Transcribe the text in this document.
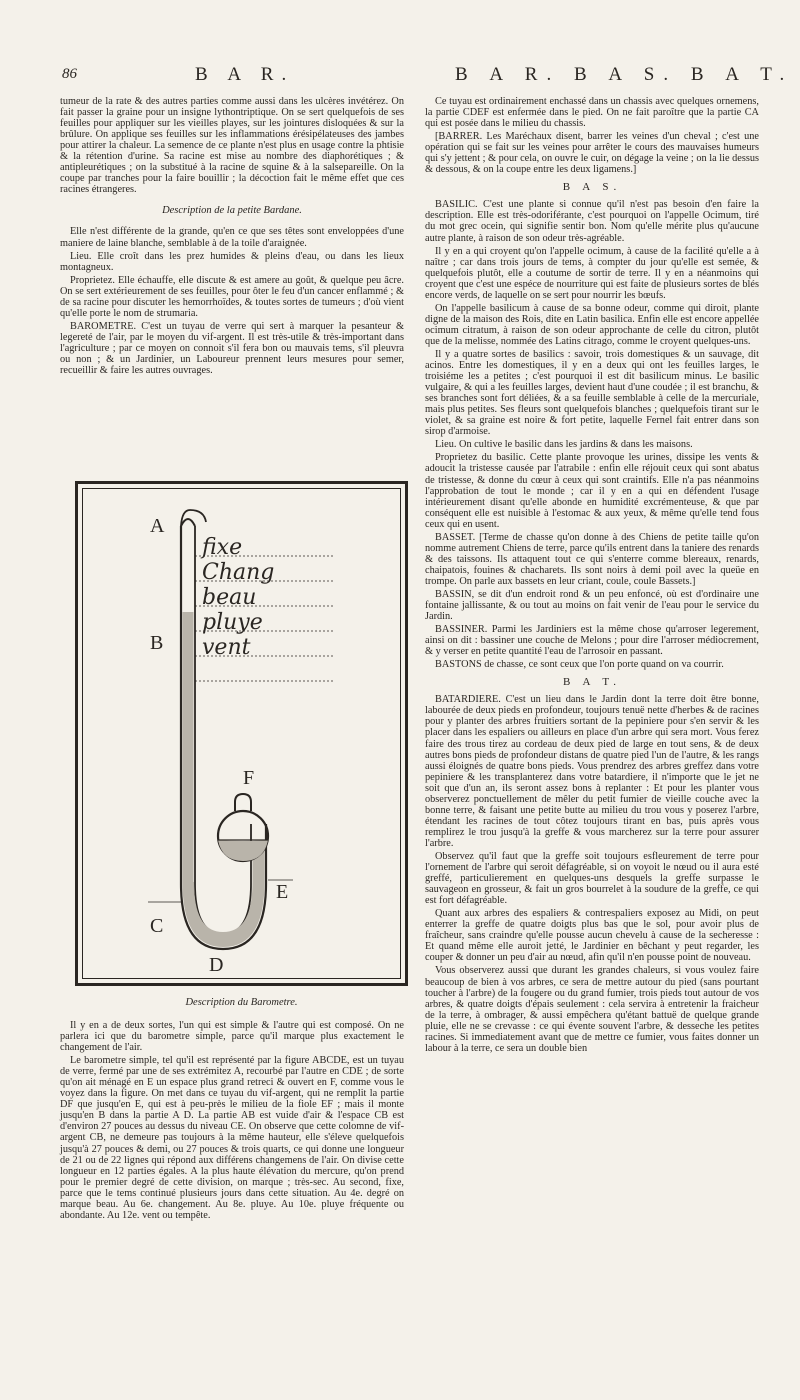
86	B A R.	B A R. B A S. B A T.

tumeur de la rate & des autres parties comme aussi dans les ulcères invétérez. On fait passer la graine pour un insigne lythontriptique. On se sert quelquefois de ses feuilles pour appliquer sur les vieilles playes, sur les jointures disloquées & sur la brûlure. On applique ses feuilles sur les inflammations érésipélateuses des jambes pour attirer la chaleur. La semence de ce plante n'est plus en usage contre la phtisie & la rétention d'urine. Sa racine est mise au nombre des diaphorétiques ; & antipleurétiques ; on la substitué à la racine de squine & à la salsepareille. On la coupe par tranches pour la faire bouillir ; la décoction fait le même effet que ces racines étrangeres.

Description de la petite Bardane.

Elle n'est différente de la grande, qu'en ce que ses têtes sont enveloppées d'une maniere de laine blanche, semblable à de la toile d'araignée.

Lieu. Elle croît dans les prez humides & pleins d'eau, ou dans les lieux montagneux.

Proprietez. Elle échauffe, elle discute & est amere au goût, & quelque peu âcre. On se sert extérieurement de ses feuilles, pour ôter le feu d'un cancer enflammé ; & de sa racine pour discuter les hemorrhoïdes, & toutes sortes de tumeurs ; d'où vient qu'elle porte le nom de strumaria.

BAROMETRE. C'est un tuyau de verre qui sert à marquer la pesanteur & legereté de l'air, par le moyen du vif-argent. Il est très-utile & très-important dans l'agriculture ; par ce moyen on connoit s'il fera bon ou mauvais tems, s'il pleuvra ou non ; & un Jardinier, un Laboureur prennent leurs mesures pour semer, recueillir & faire les autres ouvrages.

fixe
Chang
beau
pluye
vent
A
B
C
D
E
F
Description du Barometre.

Il y en a de deux sortes, l'un qui est simple & l'autre qui est composé. On ne parlera ici que du barometre simple, parce qu'il marque plus exactement le changement de l'air.

Le barometre simple, tel qu'il est représenté par la figure ABCDE, est un tuyau de verre, fermé par une de ses extrémitez A, recourbé par l'autre en CDE ; de sorte qu'on ait ménagé en E un espace plus grand retreci & ouvert en F, comme vous le voyez dans la figure. On met dans ce tuyau du vif-argent, qui ne remplit la partie DF que jusqu'en E, qui est à peu-près le milieu de la fiole EF ; mais il monte jusqu'en B dans la partie A D. La partie AB est vuide d'air & l'espace CB est d'environ 27 pouces au dessus du niveau CE. On observe que cette colomne de vif-argent CB, ne demeure pas toujours à la même hauteur, elle s'éleve quelquefois jusqu'à 27 pouces & demi, ou 27 pouces & trois quarts, ce qui donne une longueur de 21 ou de 22 lignes qui répond aux différens changemens de l'air. On divise cette longueur en 12 parties égales. A la plus haute élévation du mercure, qu'on prend pour le premier degré de cette division, on marque ; très-sec. Au second, fixe, parce que le tems continué plusieurs jours dans cette situation. Au 4e. degré on marque beau. Au 6e. changement. Au 8e. pluye. Au 10e. pluye fréquente ou abondante. Au 12e. vent ou tempête.

Ce tuyau est ordinairement enchassé dans un chassis avec quelques ornemens, la partie CDEF est enfermée dans le pied. On ne fait paroître que la partie CA qui est posée dans le milieu du chassis.

[BARRER. Les Maréchaux disent, barrer les veines d'un cheval ; c'est une opération qui se fait sur les veines pour arrêter le cours des mauvaises humeurs qui s'y jettent ; & pour cela, on ouvre le cuir, on dégage la veine ; on la lie dessus & dessous, & on la coupe entre les deux ligamens.]

B A S.

BASILIC. C'est une plante si connue qu'il n'est pas besoin d'en faire la description. Elle est très-odoriférante, c'est pourquoi on l'appelle Ocimum, tiré du mot grec ocein, qui signifie sentir bon. Nom qu'elle mérite plus qu'aucune autre plante, à raison de son odeur très-agréable.

Il y en a qui croyent qu'on l'appelle ocimum, à cause de la facilité qu'elle a à naître ; car dans trois jours de tems, à compter du jour qu'elle est semée, & quelquefois plutôt, elle a coutume de sortir de terre. Il y en a néanmoins qui croyent que c'est une espéce de nourriture qui est faite de plusieurs sortes de blés encore verds, de laquelle on se sert pour nourrir les bœufs.

On l'appelle basilicum à cause de sa bonne odeur, comme qui diroit, plante digne de la maison des Rois, dite en Latin basilica. Enfin elle est encore appellée ocimum citratum, à raison de son odeur approchante de celle du citron, plutôt que de la melisse, nommée des Latins citrago, comme le croyent quelques-uns.

Il y a quatre sortes de basilics : savoir, trois domestiques & un sauvage, dit acinos. Entre les domestiques, il y en a deux qui ont les feuilles larges, le troisiéme les a petites ; c'est pourquoi il est dit basilicum minus. Le basilic vulgaire, & qui a les feuilles larges, devient haut d'une coudée ; il est branchu, & ses branches sont fort déliées, & a sa feuille semblable à celle de la mercuriale, mais plus petites. Ses fleurs sont quelquefois blanches ; quelquefois tirant sur le violet, & sa graine est noire & fort petite, laquelle Fernel fait entrer dans son sirop d'armoise.

Lieu. On cultive le basilic dans les jardins & dans les maisons.

Proprietez du basilic. Cette plante provoque les urines, dissipe les vents & adoucit la tristesse causée par l'atrabile : enfin elle réjouit ceux qui sont abatus de tristesse, & donne du cœur à ceux qui sont craintifs. Elle n'a pas néanmoins l'approbation de tout le monde ; car il y en a qui en défendent l'usage intérieurement disant qu'elle abonde en humidité excrémenteuse, & que par conséquent elle est nuisible à l'estomac & aux yeux, & même qu'elle tend fous ceux qui en usent.

BASSET. [Terme de chasse qu'on donne à des Chiens de petite taille qu'on nomme autrement Chiens de terre, parce qu'ils entrent dans la taniere des renards & des taissons. Ils attaquent tout ce qui s'enterre comme blereaux, renards, chaipatois, fouines & chacharets. Ils sont noirs à demi poil avec la queüe en trompe. On parle aux bassets en leur criant, coule, coule Bassets.]

BASSIN, se dit d'un endroit rond & un peu enfoncé, où est d'ordinaire une fontaine jallissante, & ou tout au moins on fait venir de l'eau pour le service du Jardin.

BASSINER. Parmi les Jardiniers est la même chose qu'arroser legerement, ainsi on dit : bassiner une couche de Melons ; pour dire l'arroser médiocrement, & y verser en petite quantité l'eau de l'arrosoir en passant.

BASTONS de chasse, ce sont ceux que l'on porte quand on va courrir.

B A T.

BATARDIERE. C'est un lieu dans le Jardin dont la terre doit être bonne, labourée de deux pieds en profondeur, toujours tenuë nette d'herbes & de racines pour y planter des arbres fruitiers sortant de la pepiniere pour s'en servir & les placer dans les espaliers ou ailleurs en place d'un arbre qui sera mort. Vous ferez faire des trous tirez au cordeau de deux pied de large en tout sens, & de deux autres bons pieds de profondeur distans de quatre pied l'un de l'autre, & les rangs aussi éloignés de quatre bons pieds. Vous prendrez des arbres greffez dans votre pepiniere & les transplanterez dans votre batardiere, il n'importe que le jet ne soit que d'un an, ils seront assez bons à replanter : Et pour les planter vous observerez ponctuellement de mêler du petit fumier de vieille couche avec la bonne terre, & faisant une petite butte au milieu du trou vous y poserez l'arbre, étendant les racines de tout côtez toujours tirant en bas, puis après vous remplirez le trou jusqu'à la greffe & vous marcherez sur la terre pour assurer l'arbre.

Observez qu'il faut que la greffe soit toujours esfleurement de terre pour l'ornement de l'arbre qui seroit défagréable, si on voyoit le nœud ou il aura esté greffé, particulierement en quelques-uns desquels la greffe surpasse le sauvageon en grosseur, & fait un gros bourrelet à la soudure de la greffe, ce qui est fort défagréable.

Quant aux arbres des espaliers & contrespaliers exposez au Midi, on peut enterrer la greffe de quatre doigts plus bas que le sol, pour avoir plus de fraîcheur, sans craindre qu'elle pousse aucun chevelu à cause de la secheresse : Et quand même elle auroit jetté, le Jardinier en bêchant y peut regarder, les couper & donner un peu d'air au nœud, afin qu'il n'en pousse point de nouveau.

Vous observerez aussi que durant les grandes chaleurs, si vous voulez faire beaucoup de bien à vos arbres, ce sera de mettre autour du pied (sans pourtant toucher à l'arbre) de la fougere ou du grand fumier, trois pieds tout autour de vos arbres, & quatre doigts d'épais seulement : cela servira à entretenir la fraicheur de la terre, à ombrager, & aussi empêchera qu'étant battuë de quelque grande pluie, elle ne se crevasse : ce qui évente souvent l'arbre, & desseche les petites racines. Si immediatement avant que de mettre ce fumier, vous faites donner un labour à la terre, ce sera un double bien
